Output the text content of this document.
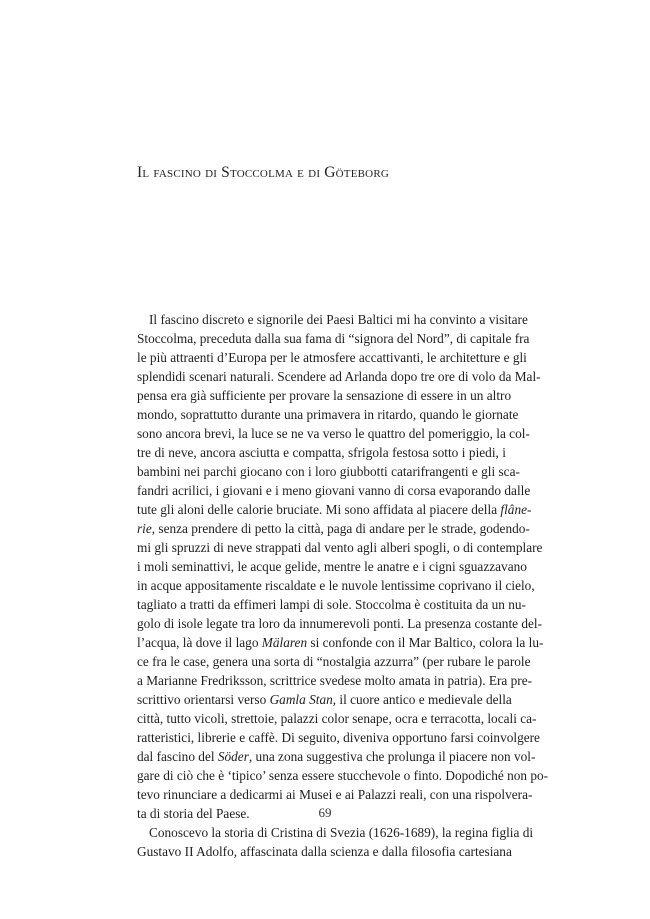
Il fascino di Stoccolma e di Göteborg
Il fascino discreto e signorile dei Paesi Baltici mi ha convinto a visitare
Stoccolma, preceduta dalla sua fama di “signora del Nord”, di capitale fra
le più attraenti d’Europa per le atmosfere accattivanti, le architetture e gli
splendidi scenari naturali. Scendere ad Arlanda dopo tre ore di volo da Mal-
pensa era già sufficiente per provare la sensazione di essere in un altro
mondo, soprattutto durante una primavera in ritardo, quando le giornate
sono ancora brevi, la luce se ne va verso le quattro del pomeriggio, la col-
tre di neve, ancora asciutta e compatta, sfrigola festosa sotto i piedi, i
bambini nei parchi giocano con i loro giubbotti catarifrangenti e gli sca-
fandri acrilici, i giovani e i meno giovani vanno di corsa evaporando dalle
tute gli aloni delle calorie bruciate. Mi sono affidata al piacere della flâne-
rie, senza prendere di petto la città, paga di andare per le strade, godendo-
mi gli spruzzi di neve strappati dal vento agli alberi spogli, o di contemplare
i moli seminattivi, le acque gelide, mentre le anatre e i cigni sguazzavano
in acque appositamente riscaldate e le nuvole lentissime coprivano il cielo,
tagliato a tratti da effimeri lampi di sole. Stoccolma è costituita da un nu-
golo di isole legate tra loro da innumerevoli ponti. La presenza costante del-
l’acqua, là dove il lago Mälaren si confonde con il Mar Baltico, colora la lu-
ce fra le case, genera una sorta di “nostalgia azzurra” (per rubare le parole
a Marianne Fredriksson, scrittrice svedese molto amata in patria). Era pre-
scrittivo orientarsi verso Gamla Stan, il cuore antico e medievale della
città, tutto vicoli, strettoie, palazzi color senape, ocra e terracotta, locali ca-
ratteristici, librerie e caffè. Di seguito, diveniva opportuno farsi coinvolgere
dal fascino del Söder, una zona suggestiva che prolunga il piacere non vol-
gare di ciò che è ‘tipico’ senza essere stucchevole o finto. Dopodiché non po-
tevo rinunciare a dedicarmi ai Musei e ai Palazzi reali, con una rispolvera-
ta di storia del Paese.
Conoscevo la storia di Cristina di Svezia (1626-1689), la regina figlia di
Gustavo II Adolfo, affascinata dalla scienza e dalla filosofia cartesiana
69
